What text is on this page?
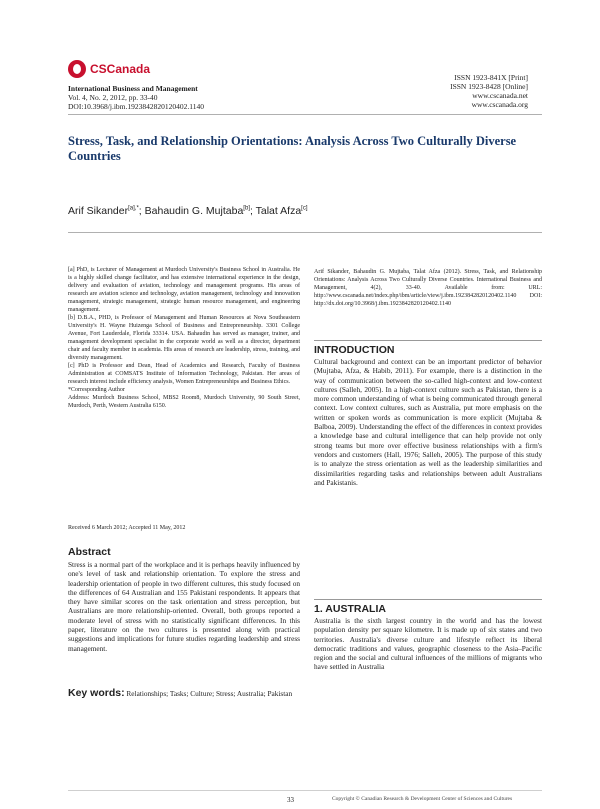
CSCanada
International Business and Management
Vol. 4, No. 2, 2012, pp. 33-40
DOI:10.3968/j.ibm.1923842820120402.1140
ISSN 1923-841X [Print]
ISSN 1923-8428 [Online]
www.cscanada.net
www.cscanada.org
Stress, Task, and Relationship Orientations: Analysis Across Two Culturally Diverse Countries
Arif Sikander$^{[a],*}$; Bahaudin G. Mujtaba[b]; Talat Afza[c]

[a] PhD, is Lecturer of Management at Murdoch University's Business School in Australia. He is a highly skilled change facilitator, and has extensive international experience in the design, delivery and evaluation of aviation, technology and management programs. His areas of research are aviation science and technology, aviation management, technology and innovation management, strategic management, strategic human resource management, and engineering management.

[b] D.B.A., PHD, is Professor of Management and Human Resources at Nova Southeastern University's H. Wayne Huizenga School of Business and Entrepreneurship. 3301 College Avenue, Fort Lauderdale, Florida 33314. USA. Bahaudin has served as manager, trainer, and management development specialist in the corporate world as well as a director, department chair and faculty member in academia. His areas of research are leadership, stress, training, and diversity management.

[c] PhD is Professor and Dean, Head of Academics and Research, Faculty of Business Administration at COMSATS Institute of Information Technology, Pakistan. Her areas of research interest include efficiency analysis, Women Entrepreneurships and Business Ethics.

*Corresponding Author

Address: Murdoch Business School, MBS2 Room8, Murdoch University, 90 South Street, Murdoch, Perth, Western Australia 6150.

Received 6 March 2012; Accepted 11 May, 2012
Abstract
Stress is a normal part of the workplace and it is perhaps heavily influenced by one's level of task and relationship orientation. To explore the stress and leadership orientation of people in two different cultures, this study focused on the differences of 64 Australian and 155 Pakistani respondents. It appears that they have similar scores on the task orientation and stress perception, but Australians are more relationship-oriented. Overall, both groups reported a moderate level of stress with no statistically significant differences. In this paper, literature on the two cultures is presented along with practical suggestions and implications for future studies regarding leadership and stress management.
Key words: Relationships; Tasks; Culture; Stress; Australia; Pakistan
Arif Sikander, Bahaudin G. Mujtaba, Talat Afza (2012). Stress, Task, and Relationship Orientations: Analysis Across Two Culturally Diverse Countries. International Business and Management, 4(2), 33-40. Available from: URL: http://www.cscanada.net/index.php/ibm/article/view/j.ibm.1923842820120402.1140 DOI: http://dx.doi.org/10.3968/j.ibm.1923842820120402.1140
INTRODUCTION
Cultural background and context can be an important predictor of behavior (Mujtaba, Afza, & Habib, 2011). For example, there is a distinction in the way of communication between the so-called high-context and low-context cultures (Salleh, 2005). In a high-context culture such as Pakistan, there is a more common understanding of what is being communicated through general context. Low context cultures, such as Australia, put more emphasis on the written or spoken words as communication is more explicit (Mujtaba & Balboa, 2009). Understanding the effect of the differences in context provides a knowledge base and cultural intelligence that can help provide not only strong teams but more over effective business relationships with a firm's vendors and customers (Hall, 1976; Salleh, 2005). The purpose of this study is to analyze the stress orientation as well as the leadership similarities and dissimilarities regarding tasks and relationships between adult Australians and Pakistanis.
1. AUSTRALIA
Australia is the sixth largest country in the world and has the lowest population density per square kilometre. It is made up of six states and two territories. Australia's diverse culture and lifestyle reflect its liberal democratic traditions and values, geographic closeness to the Asia–Pacific region and the social and cultural influences of the millions of migrants who have settled in Australia
33	Copyright © Canadian Research & Development Center of Sciences and Cultures
